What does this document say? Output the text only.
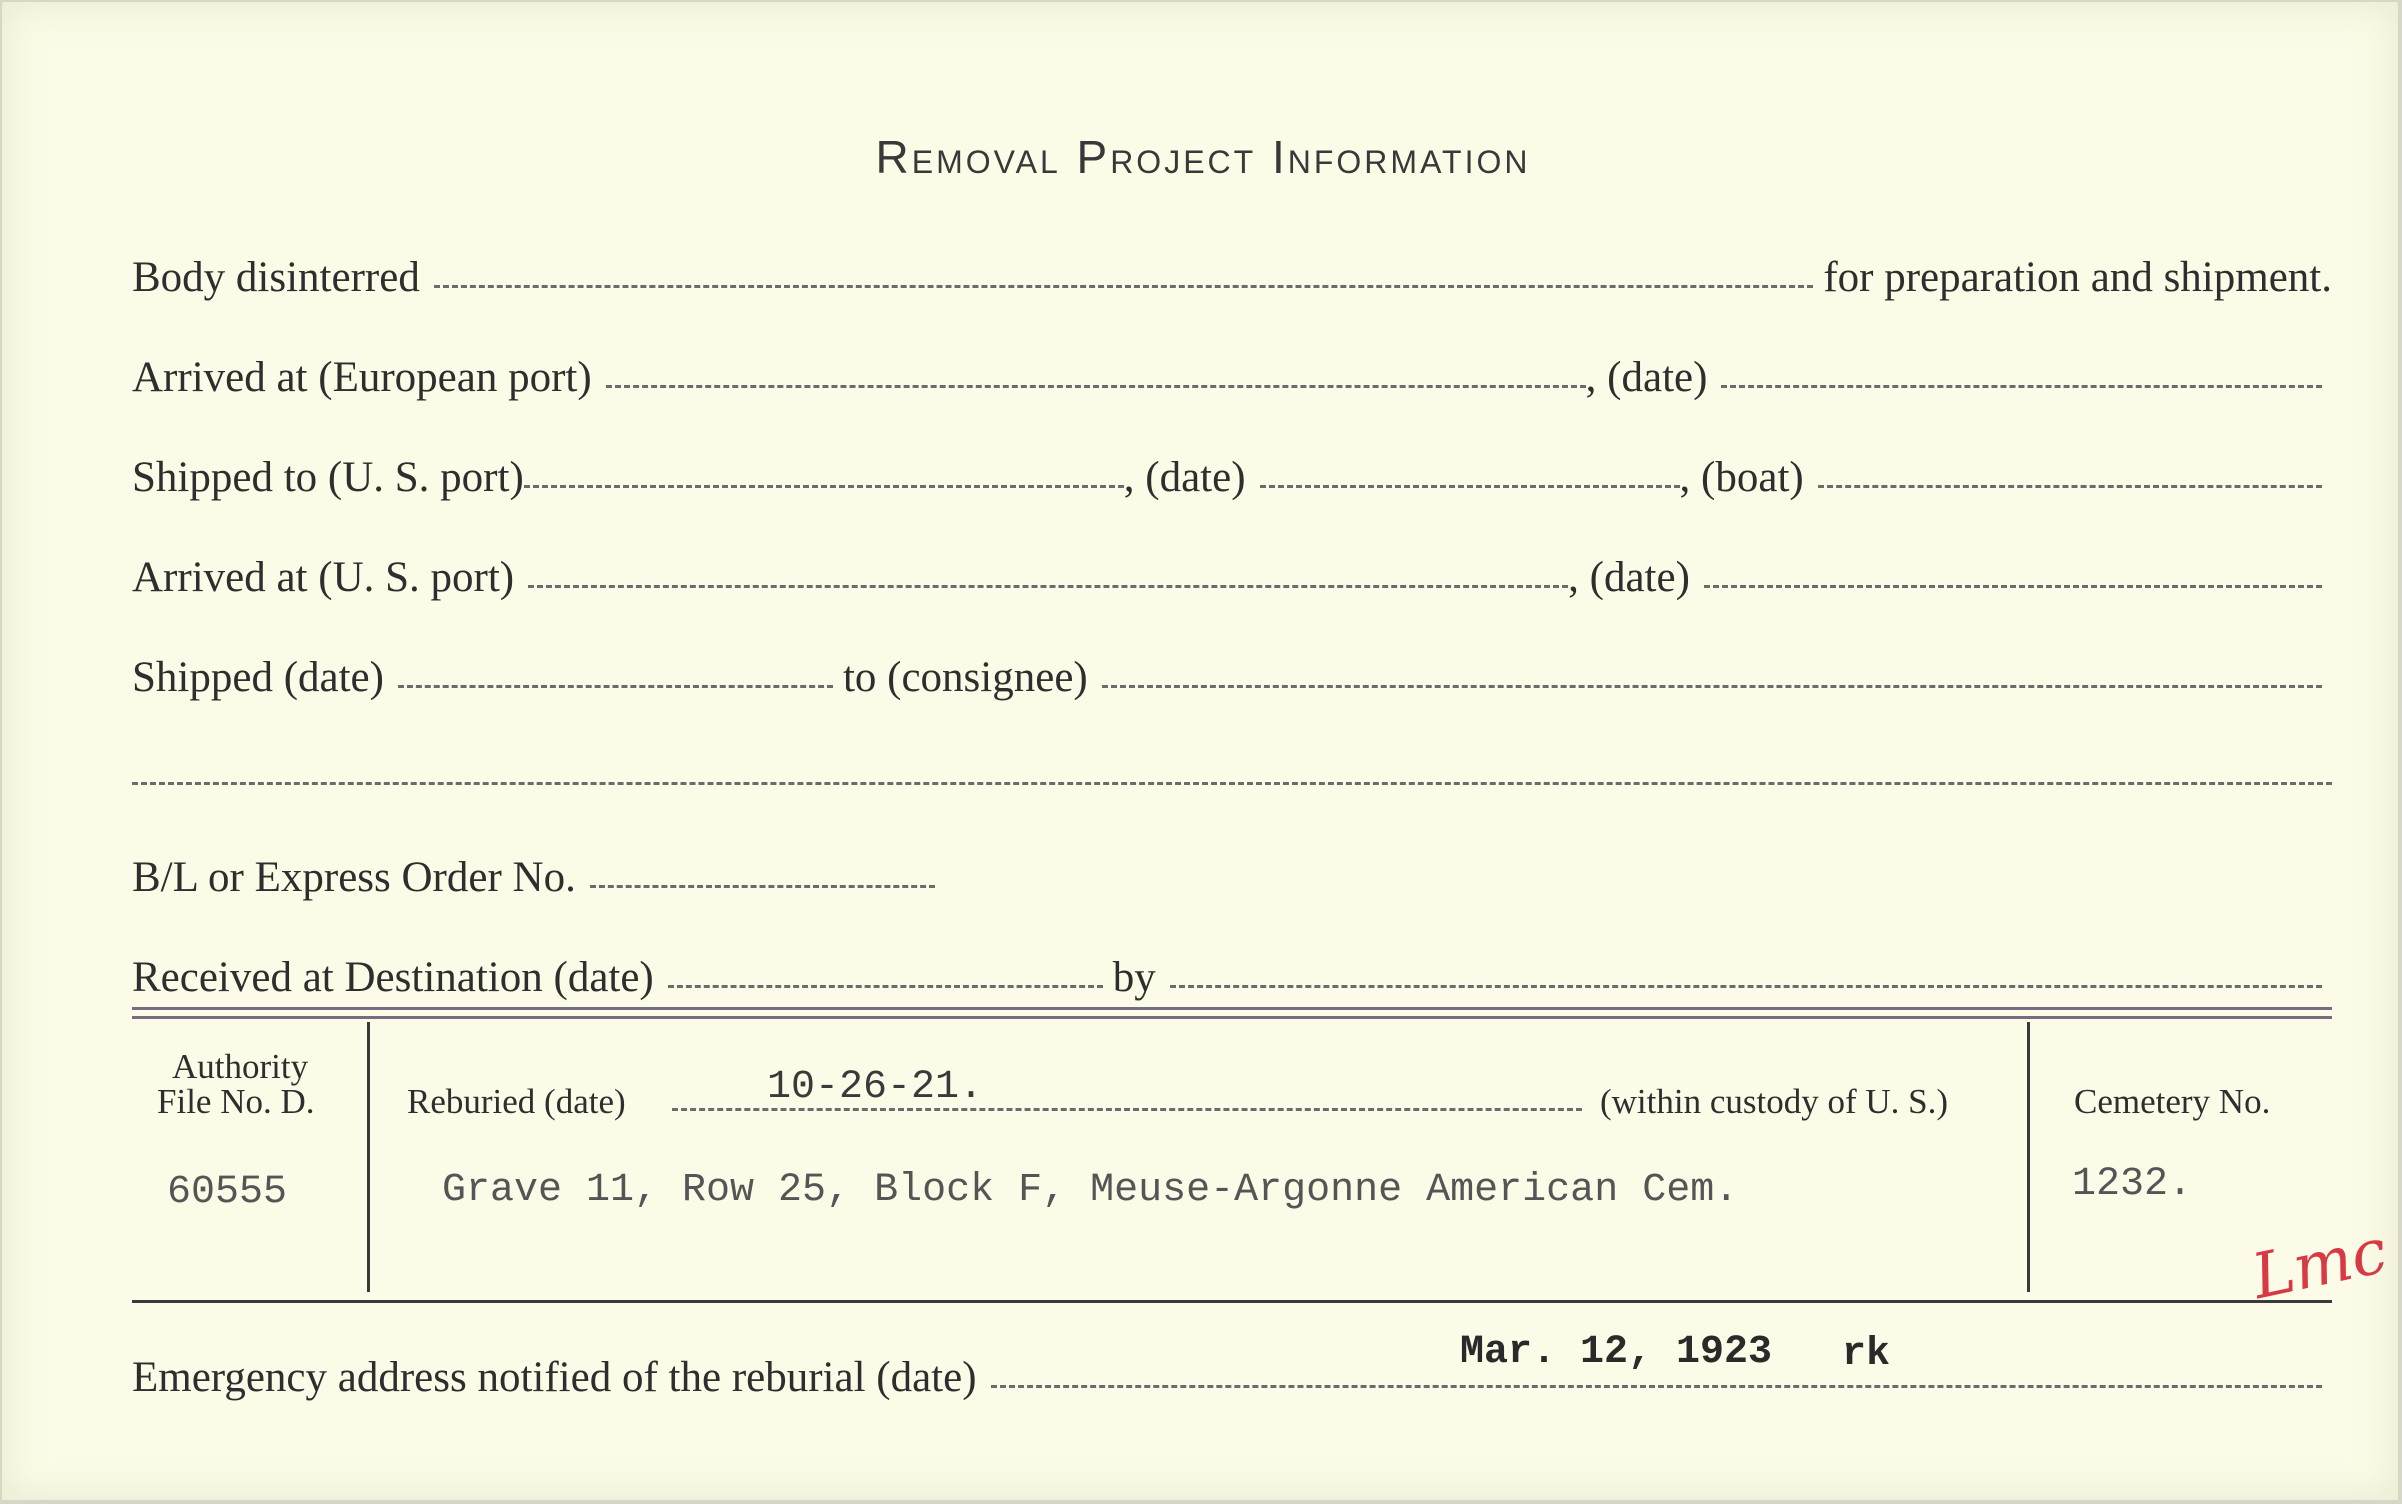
Removal Project Information
Body disinterred	for preparation and shipment.
Arrived at (European port)	, (date)
Shipped to (U. S. port)	, (date)	, (boat)
Arrived at (U. S. port)	, (date)
Shipped (date)	to (consignee)
B/L or Express Order No.
Received at Destination (date)	by
Authority
File No. D.
60555
Reburied (date)	10-26-21.	(within custody of U. S.)
Grave 11, Row 25, Block F, Meuse-Argonne American Cem.
Cemetery No.
1232.
Lmc
Emergency address notified of the reburial (date)
Mar. 12, 1923 rk
